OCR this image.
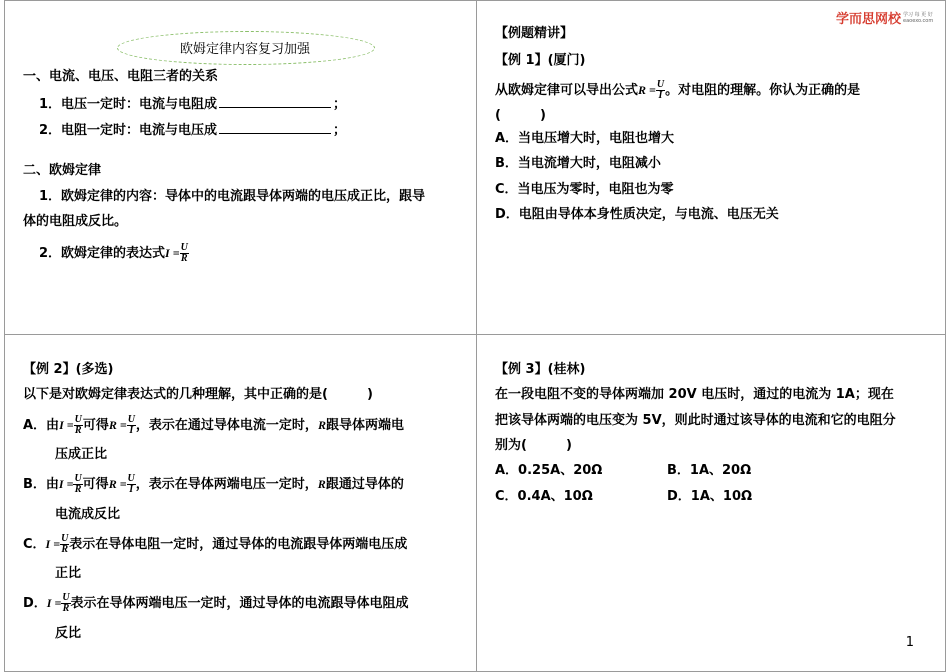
欧姆定律内容复习加强
一、电流、电压、电阻三者的关系
1．电压一定时：电流与电阻成	；
2．电阻一定时：电流与电压成	；
二、欧姆定律
1．欧姆定律的内容：导体中的电流跟导体两端的电压成正比，跟导
体的电阻成反比。
2．欧姆定律的表达式$I = \frac{U}{R}$
学而思网校 学习 每 更 好
eaoexo.com
【例题精讲】
【例 1】(厦门)
从欧姆定律可以导出公式$R = \frac{U}{I}$ 。对电阻的理解。你认为正确的是
(　　　)
A．当电压增大时，电阻也增大
B．当电流增大时，电阻减小
C．当电压为零时，电阻也为零
D．电阻由导体本身性质决定，与电流、电压无关
【例 2】(多选)
以下是对欧姆定律表达式的几种理解，其中正确的是(　　　)
A．由$I = \frac{U}{R}$ 可得$R = \frac{U}{I}$ ，表示在通过导体电流一定时，R跟导体两端电
压成正比
B．由$I = \frac{U}{R}$ 可得$R = \frac{U}{I}$ ，表示在导体两端电压一定时，R跟通过导体的
电流成反比
C．$I = \frac{U}{R}$ 表示在导体电阻一定时，通过导体的电流跟导体两端电压成
正比
D．$I = \frac{U}{R}$ 表示在导体两端电压一定时，通过导体的电流跟导体电阻成
反比
【例 3】(桂林)
在一段电阻不变的导体两端加 20V 电压时，通过的电流为 1A；现在
把该导体两端的电压变为 5V，则此时通过该导体的电流和它的电阻分
别为(　　　)
A．0.25A、20Ω	B．1A、20Ω
C．0.4A、10Ω	D．1A、10Ω
1
